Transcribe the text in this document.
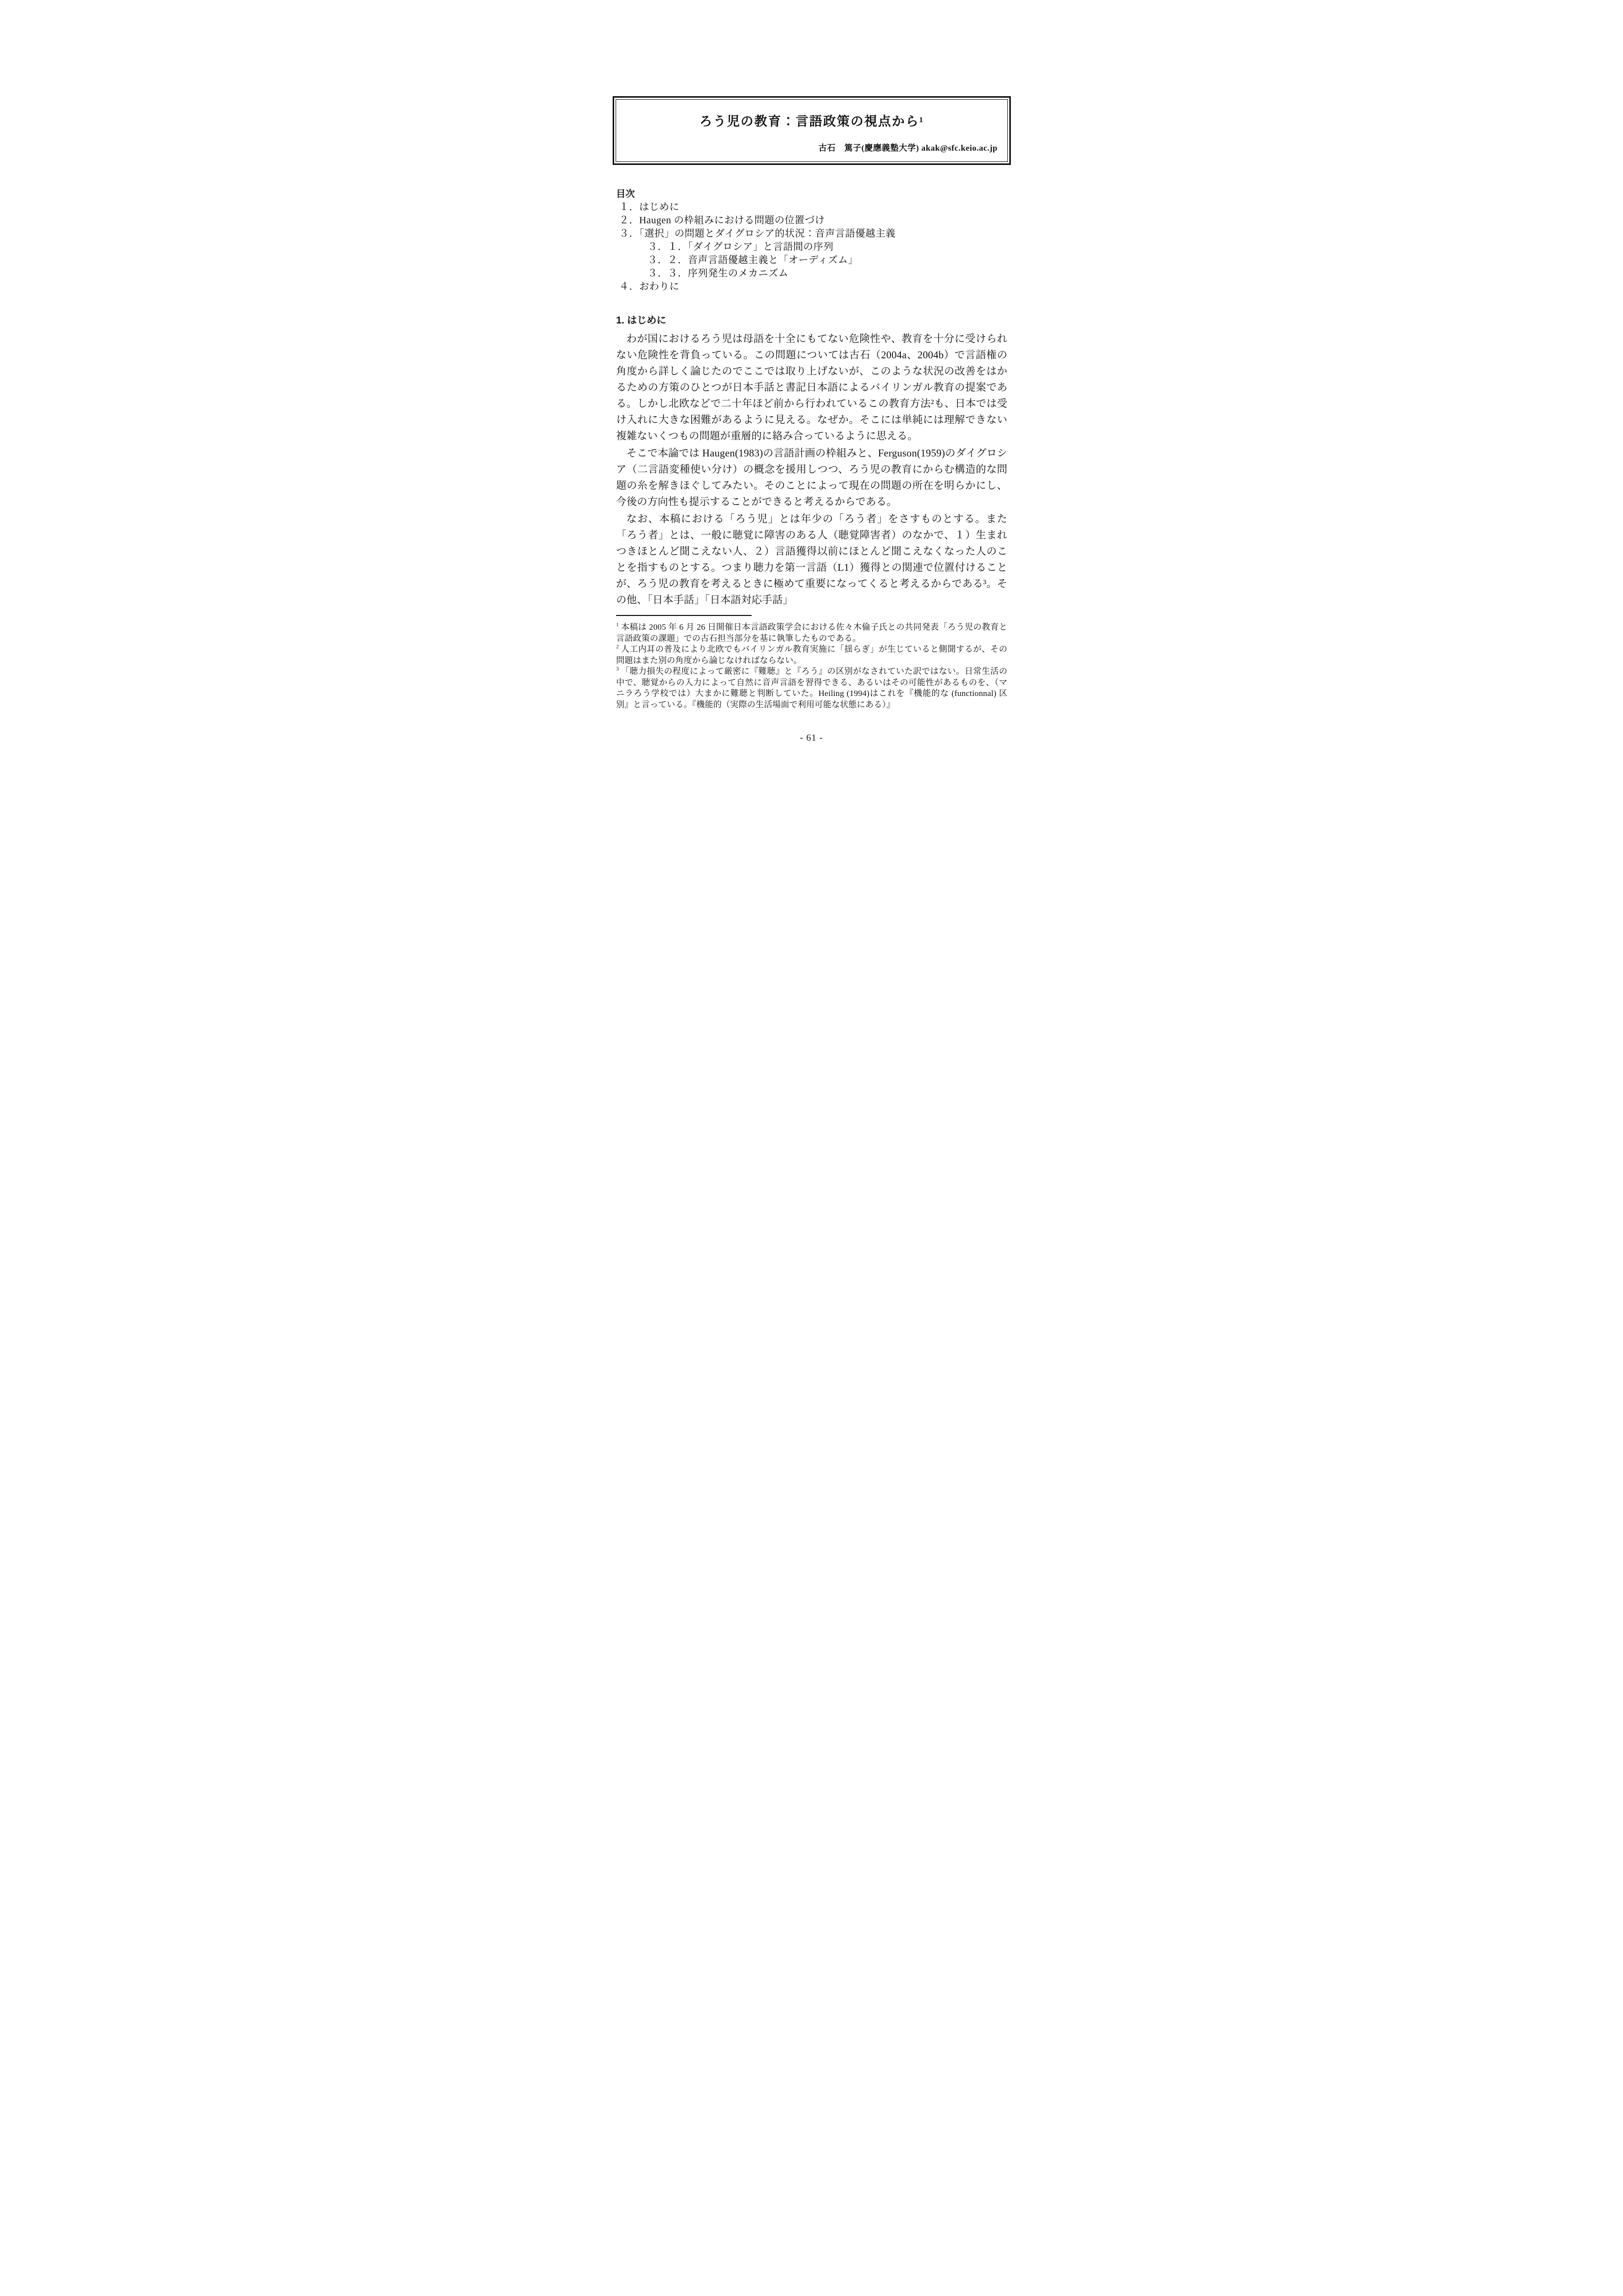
ろう児の教育：言語政策の視点から¹
古石　篤子(慶應義塾大学) akak@sfc.keio.ac.jp
目次
１．はじめに
２．Haugen の枠組みにおける問題の位置づけ
３．「選択」の問題とダイグロシア的状況：音声言語優越主義
３．１．「ダイグロシア」と言語間の序列
３．２．音声言語優越主義と「オーディズム」
３．３．序列発生のメカニズム
４．おわりに
1. はじめに

わが国におけるろう児は母語を十全にもてない危険性や、教育を十分に受けられない危険性を背負っている。この問題については古石（2004a、2004b）で言語権の角度から詳しく論じたのでここでは取り上げないが、このような状況の改善をはかるための方策のひとつが日本手話と書記日本語によるバイリンガル教育の提案である。しかし北欧などで二十年ほど前から行われているこの教育方法²も、日本では受け入れに大きな困難があるように見える。なぜか。そこには単純には理解できない複雑ないくつもの問題が重層的に絡み合っているように思える。

そこで本論では Haugen(1983)の言語計画の枠組みと、Ferguson(1959)のダイグロシア（二言語変種使い分け）の概念を援用しつつ、ろう児の教育にからむ構造的な問題の糸を解きほぐしてみたい。そのことによって現在の問題の所在を明らかにし、今後の方向性も提示することができると考えるからである。

なお、本稿における「ろう児」とは年少の「ろう者」をさすものとする。また「ろう者」とは、一般に聴覚に障害のある人（聴覚障害者）のなかで、１）生まれつきほとんど聞こえない人、２）言語獲得以前にほとんど聞こえなくなった人のことを指すものとする。つまり聴力を第一言語（L1）獲得との関連で位置付けることが、ろう児の教育を考えるときに極めて重要になってくると考えるからである³。その他、「日本手話」「日本語対応手話」

$^1$ 本稿は 2005 年 6 月 26 日開催日本言語政策学会における佐々木倫子氏との共同発表「ろう児の教育と言語政策の課題」での古石担当部分を基に執筆したものである。
$^2$ 人工内耳の普及により北欧でもバイリンガル教育実施に「揺らぎ」が生じていると側聞するが、その問題はまた別の角度から論じなければならない。
$^3$ 「聴力損失の程度によって厳密に『難聴』と『ろう』の区別がなされていた訳ではない。日常生活の中で、聴覚からの入力によって自然に音声言語を習得できる、あるいはその可能性があるものを、（マニラろう学校では）大まかに難聴と判断していた。Heiling (1994)はこれを『機能的な (functionnal) 区別』と言っている。『機能的（実際の生活場面で利用可能な状態にある）』
- 61 -
